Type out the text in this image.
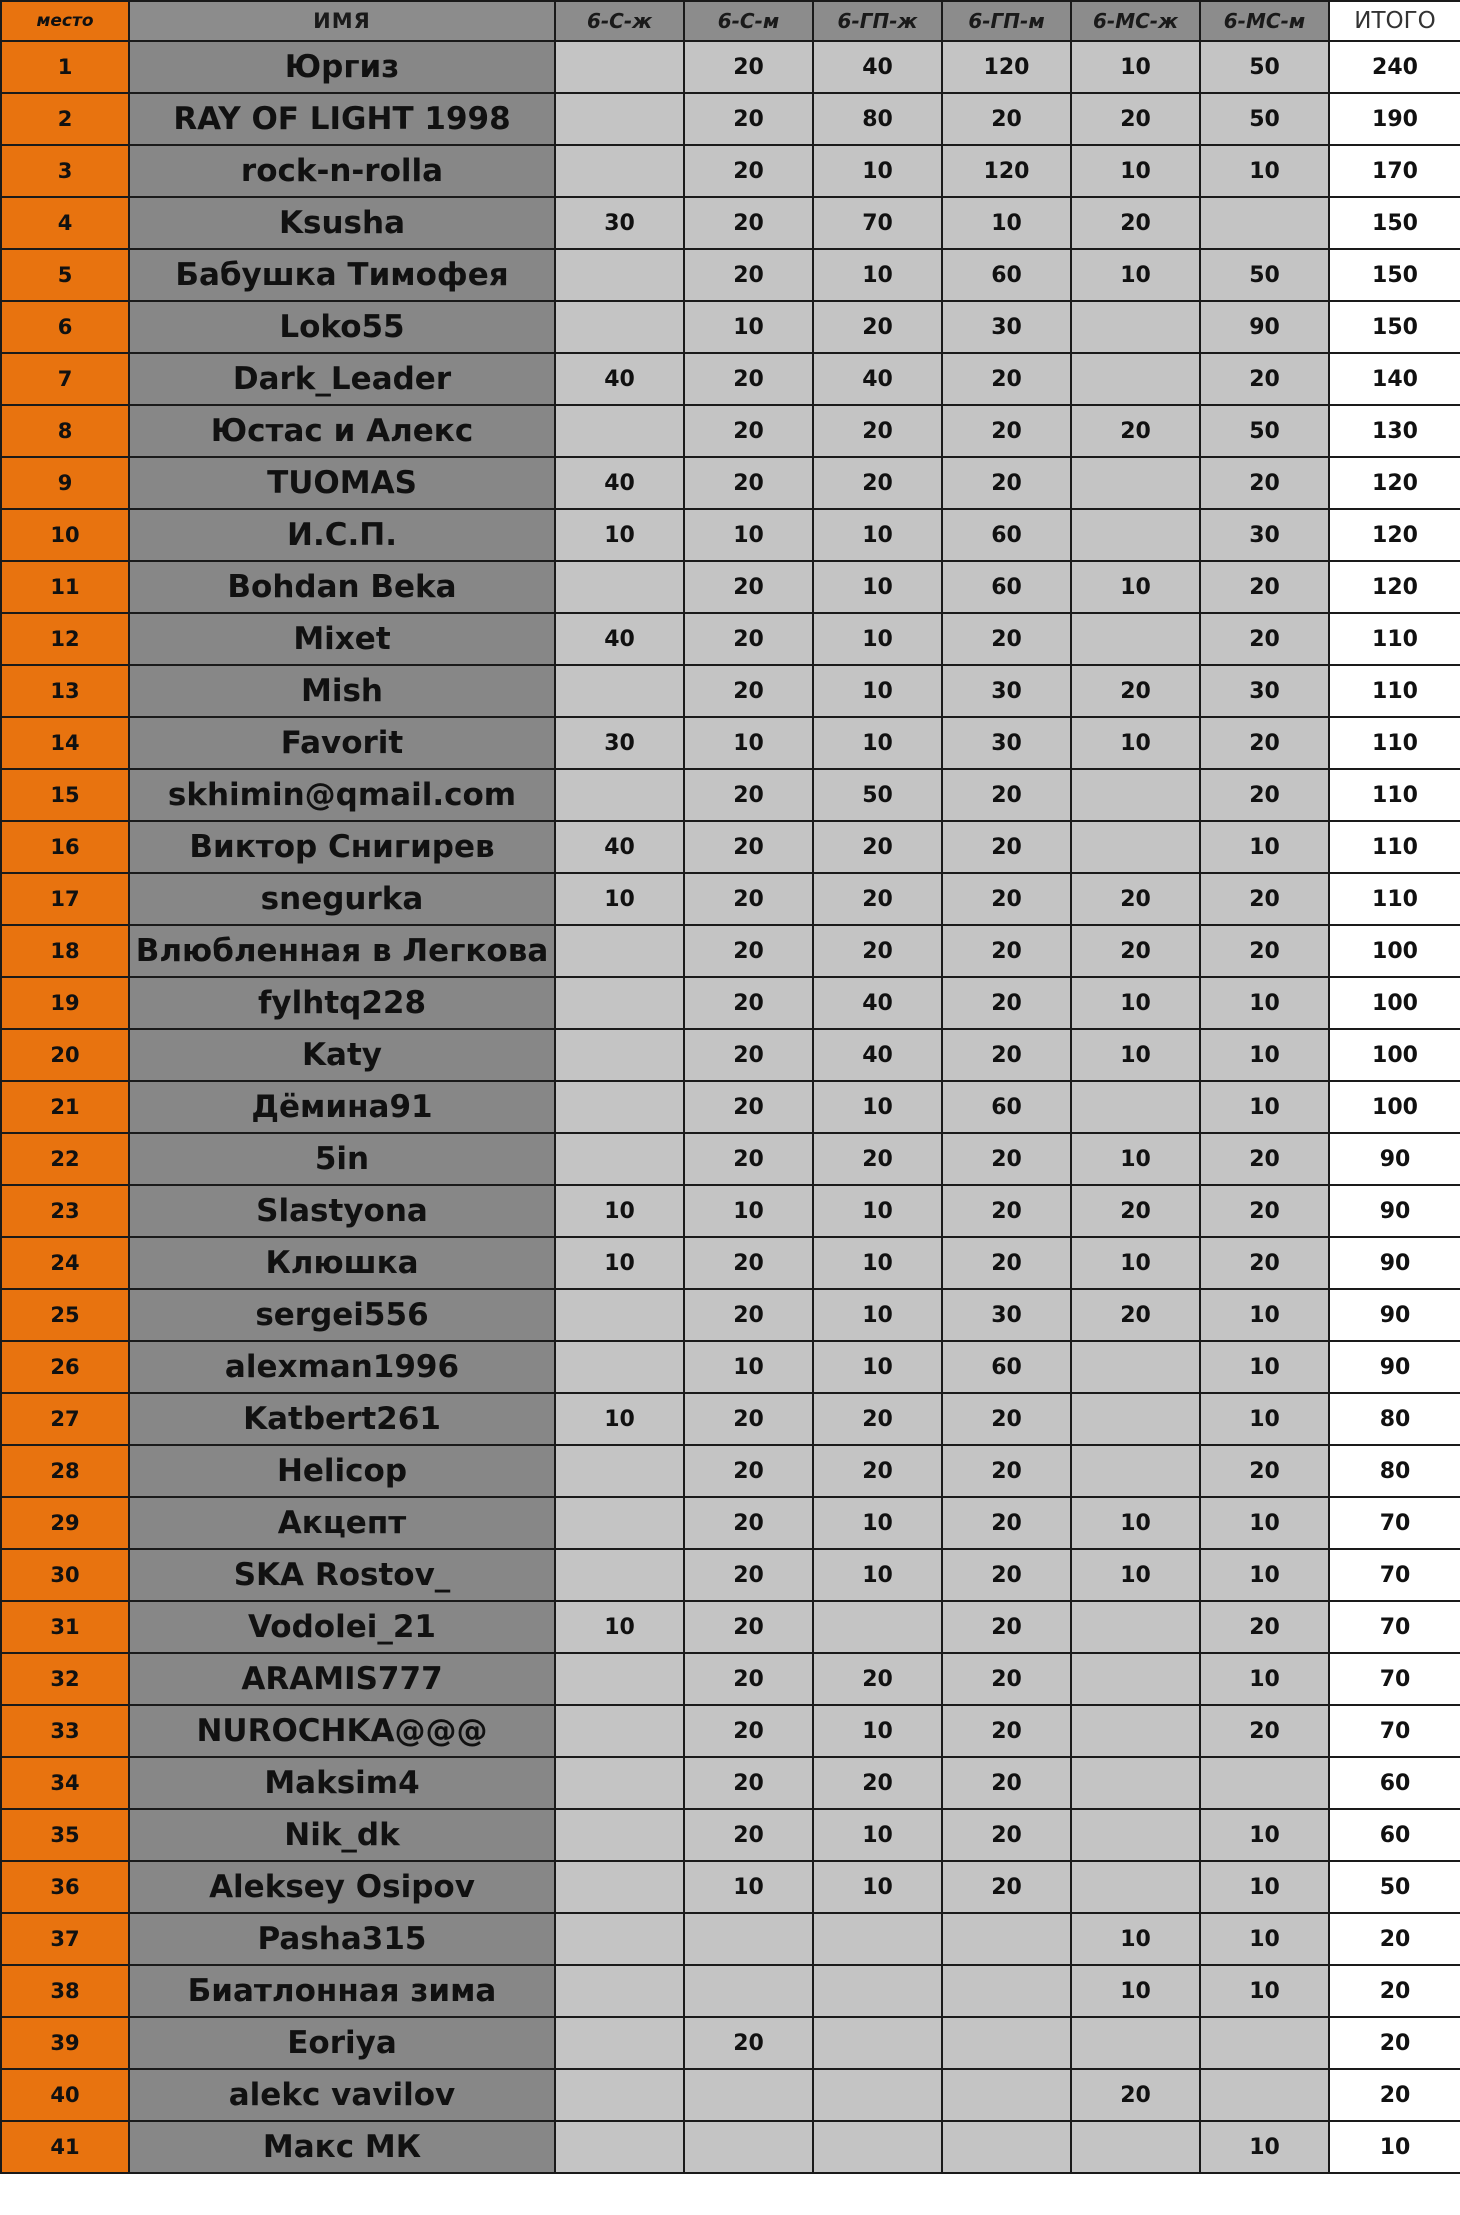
место	ИМЯ	6-С-ж	6-С-м	6-ГП-ж	6-ГП-м	6-МС-ж	6-МС-м	ИТОГО
1	Юргиз		20	40	120	10	50	240
2	RAY OF LIGHT 1998		20	80	20	20	50	190
3	rock-n-rolla		20	10	120	10	10	170
4	Ksusha	30	20	70	10	20		150
5	Бабушка Тимофея		20	10	60	10	50	150
6	Loko55		10	20	30		90	150
7	Dark_Leader	40	20	40	20		20	140
8	Юстас и Алекс		20	20	20	20	50	130
9	TUOMAS	40	20	20	20		20	120
10	И.С.П.	10	10	10	60		30	120
11	Bohdan Beka		20	10	60	10	20	120
12	Mixet	40	20	10	20		20	110
13	Mish		20	10	30	20	30	110
14	Favorit	30	10	10	30	10	20	110
15	skhimin@qmail.com		20	50	20		20	110
16	Виктор Снигирев	40	20	20	20		10	110
17	snegurka	10	20	20	20	20	20	110
18	Влюбленная в Легкова		20	20	20	20	20	100
19	fylhtq228		20	40	20	10	10	100
20	Katy		20	40	20	10	10	100
21	Дёмина91		20	10	60		10	100
22	5in		20	20	20	10	20	90
23	Slastyona	10	10	10	20	20	20	90
24	Клюшка	10	20	10	20	10	20	90
25	sergei556		20	10	30	20	10	90
26	alexman1996		10	10	60		10	90
27	Katbert261	10	20	20	20		10	80
28	Helicop		20	20	20		20	80
29	Акцепт		20	10	20	10	10	70
30	SKA Rostov_		20	10	20	10	10	70
31	Vodolei_21	10	20		20		20	70
32	ARAMIS777		20	20	20		10	70
33	NUROCHKA@@@		20	10	20		20	70
34	Maksim4		20	20	20			60
35	Nik_dk		20	10	20		10	60
36	Aleksey Osipov		10	10	20		10	50
37	Pasha315					10	10	20
38	Биатлонная зима					10	10	20
39	Eoriya		20					20
40	alekc vavilov					20		20
41	Макс МК						10	10
